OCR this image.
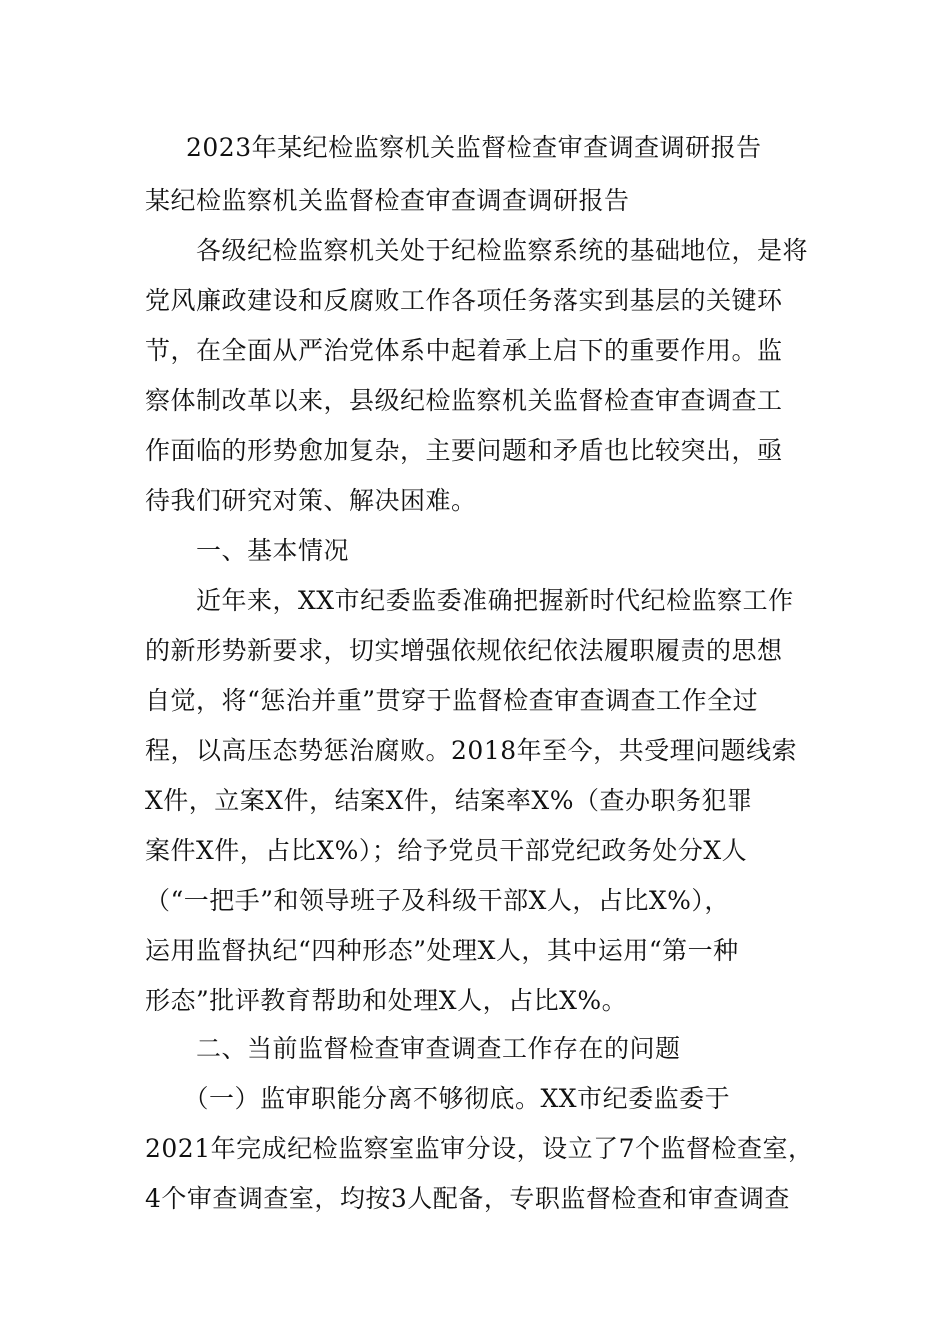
2023年某纪检监察机关监督检查审查调查调研报告
某纪检监察机关监督检查审查调查调研报告
　　各级纪检监察机关处于纪检监察系统的基础地位，是将
党风廉政建设和反腐败工作各项任务落实到基层的关键环
节，在全面从严治党体系中起着承上启下的重要作用。监
察体制改革以来，县级纪检监察机关监督检查审查调查工
作面临的形势愈加复杂，主要问题和矛盾也比较突出，亟
待我们研究对策、解决困难。
　　一、基本情况
　　近年来，XX市纪委监委准确把握新时代纪检监察工作
的新形势新要求，切实增强依规依纪依法履职履责的思想
自觉，将“惩治并重”贯穿于监督检查审查调查工作全过
程，以高压态势惩治腐败。2018年至今，共受理问题线索
X件，立案X件，结案X件，结案率X%（查办职务犯罪
案件X件，占比X%）；给予党员干部党纪政务处分X人
（“一把手”和领导班子及科级干部X人，占比X%），
运用监督执纪“四种形态”处理X人，其中运用“第一种
形态”批评教育帮助和处理X人，占比X%。
　　二、当前监督检查审查调查工作存在的问题
　　（一）监审职能分离不够彻底。XX市纪委监委于
2021年完成纪检监察室监审分设，设立了7个监督检查室，
4个审查调查室，均按3人配备，专职监督检查和审查调查
